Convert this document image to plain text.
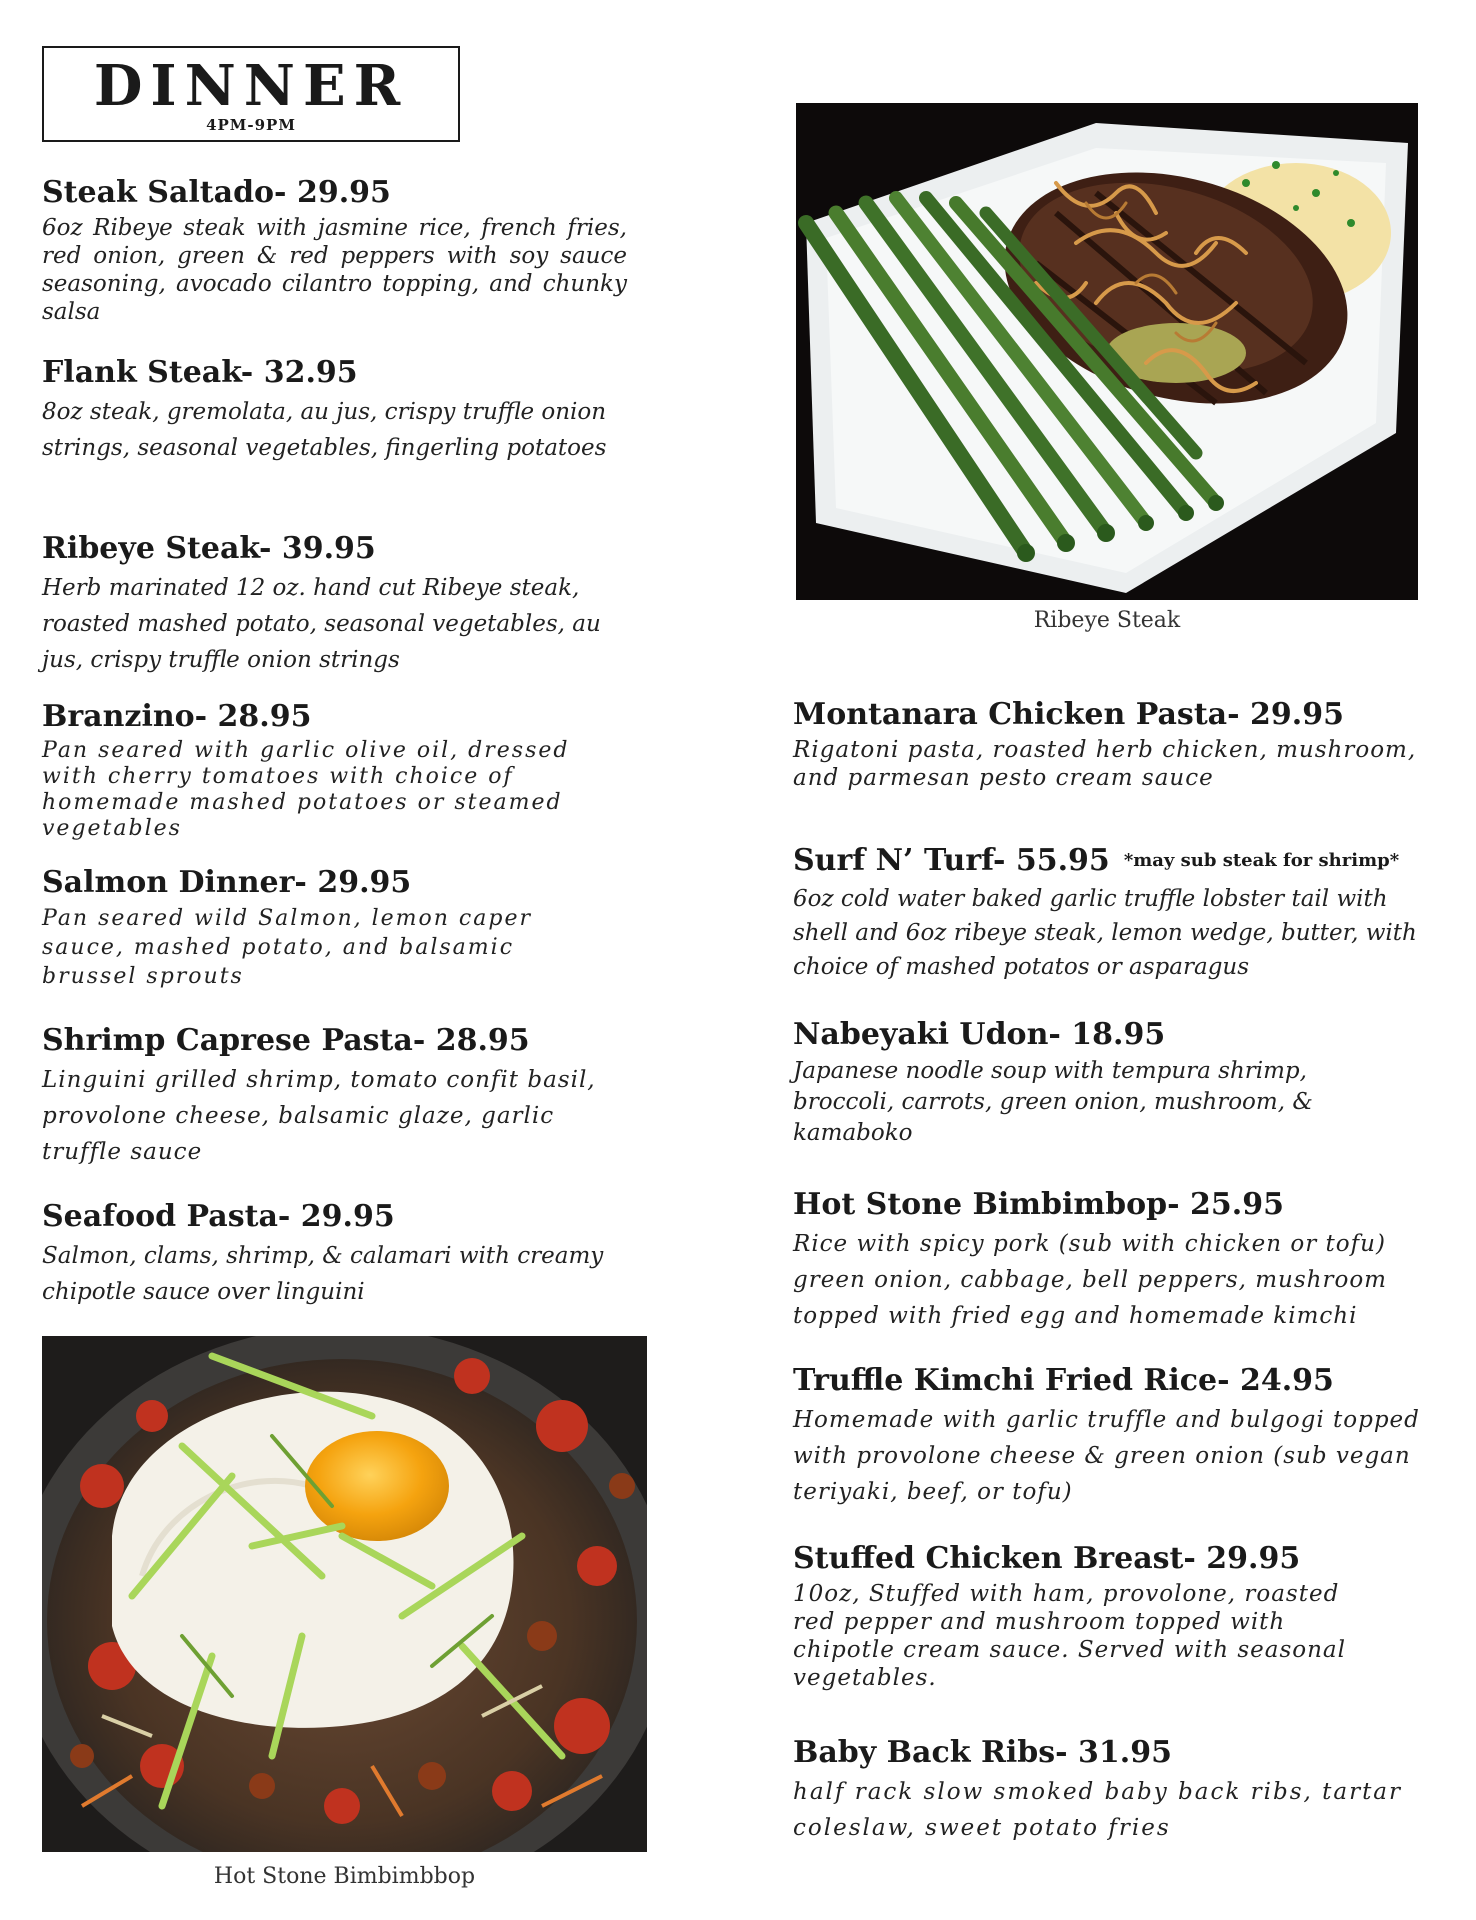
DINNER
4PM-9PM
Steak Saltado- 29.95
6oz Ribeye steak with jasmine rice, french fries, red onion, green & red peppers with soy sauce seasoning, avocado cilantro topping, and chunky salsa
Flank Steak- 32.95
8oz steak, gremolata, au jus, crispy truffle onion strings, seasonal vegetables, fingerling potatoes
Ribeye Steak- 39.95
Herb marinated 12 oz. hand cut Ribeye steak, roasted mashed potato, seasonal vegetables, au jus, crispy truffle onion strings
Branzino- 28.95
Pan seared with garlic olive oil, dressed with cherry tomatoes with choice of homemade mashed potatoes or steamed vegetables
Salmon Dinner- 29.95
Pan seared wild Salmon, lemon caper sauce, mashed potato, and balsamic brussel sprouts
Shrimp Caprese Pasta- 28.95
Linguini grilled shrimp, tomato confit basil, provolone cheese, balsamic glaze, garlic truffle sauce
Seafood Pasta- 29.95
Salmon, clams, shrimp, & calamari with creamy chipotle sauce over linguini
Hot Stone Bimbimbbop
Ribeye Steak
Montanara Chicken Pasta- 29.95
Rigatoni pasta, roasted herb chicken, mushroom, and parmesan pesto cream sauce
Surf N’ Turf- 55.95 *may sub steak for shrimp*
6oz cold water baked garlic truffle lobster tail with shell and 6oz ribeye steak, lemon wedge, butter, with choice of mashed potatos or asparagus
Nabeyaki Udon- 18.95
Japanese noodle soup with tempura shrimp, broccoli, carrots, green onion, mushroom, & kamaboko
Hot Stone Bimbimbop- 25.95
Rice with spicy pork (sub with chicken or tofu) green onion, cabbage, bell peppers, mushroom topped with fried egg and homemade kimchi
Truffle Kimchi Fried Rice- 24.95
Homemade with garlic truffle and bulgogi topped with provolone cheese & green onion (sub vegan teriyaki, beef, or tofu)
Stuffed Chicken Breast- 29.95
10oz, Stuffed with ham, provolone, roasted red pepper and mushroom topped with chipotle cream sauce. Served with seasonal vegetables.
Baby Back Ribs- 31.95
half rack slow smoked baby back ribs, tartar coleslaw, sweet potato fries
